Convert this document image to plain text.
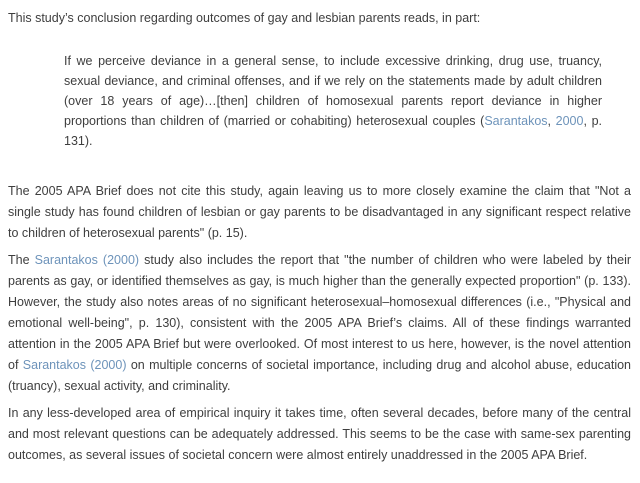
This study’s conclusion regarding outcomes of gay and lesbian parents reads, in part:

If we perceive deviance in a general sense, to include excessive drinking, drug use, truancy, sexual deviance, and criminal offenses, and if we rely on the statements made by adult children (over 18 years of age)…[then] children of homosexual parents report deviance in higher proportions than children of (married or cohabiting) heterosexual couples (Sarantakos, 2000, p. 131).

The 2005 APA Brief does not cite this study, again leaving us to more closely examine the claim that "Not a single study has found children of lesbian or gay parents to be disadvantaged in any significant respect relative to children of heterosexual parents" (p. 15).

The Sarantakos (2000) study also includes the report that "the number of children who were labeled by their parents as gay, or identified themselves as gay, is much higher than the generally expected proportion" (p. 133). However, the study also notes areas of no significant heterosexual–homosexual differences (i.e., "Physical and emotional well-being", p. 130), consistent with the 2005 APA Brief’s claims. All of these findings warranted attention in the 2005 APA Brief but were overlooked. Of most interest to us here, however, is the novel attention of Sarantakos (2000) on multiple concerns of societal importance, including drug and alcohol abuse, education (truancy), sexual activity, and criminality.

In any less-developed area of empirical inquiry it takes time, often several decades, before many of the central and most relevant questions can be adequately addressed. This seems to be the case with same-sex parenting outcomes, as several issues of societal concern were almost entirely unaddressed in the 2005 APA Brief.
